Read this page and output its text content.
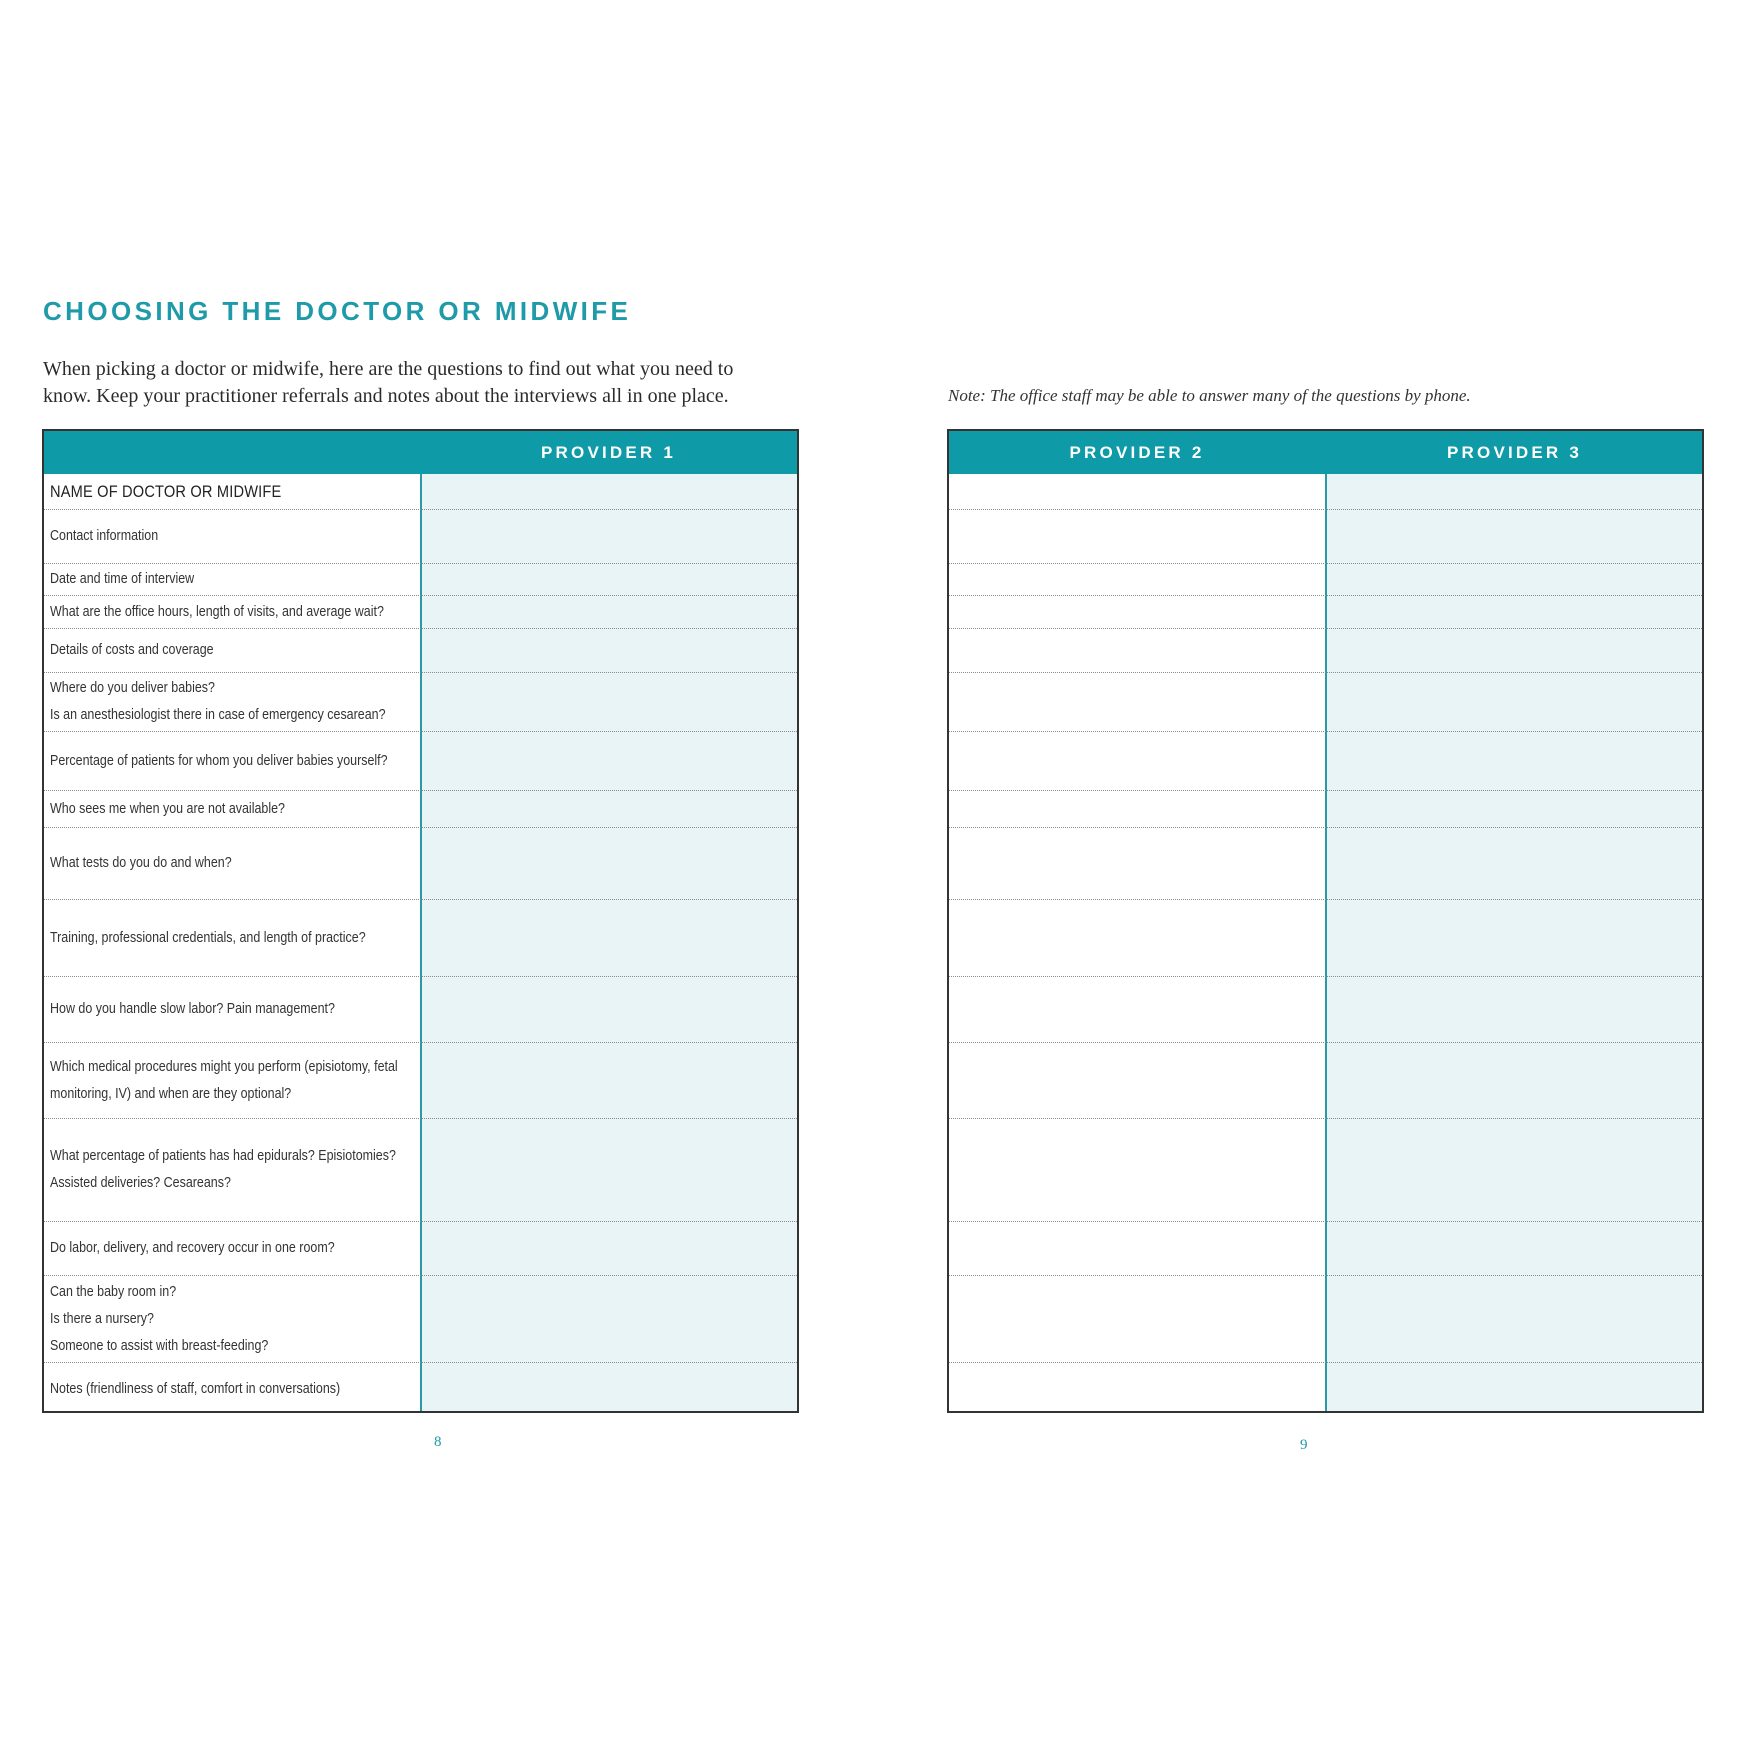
CHOOSING THE DOCTOR OR MIDWIFE
When picking a doctor or midwife, here are the questions to find out what you need to
know. Keep your practitioner referrals and notes about the interviews all in one place.	Note: The office staff may be able to answer many of the questions by phone.
PROVIDER 1
NAME OF DOCTOR OR MIDWIFE
Contact information
Date and time of interview
What are the office hours, length of visits, and average wait?
Details of costs and coverage
Where do you deliver babies?
Is an anesthesiologist there in case of emergency cesarean?
Percentage of patients for whom you deliver babies yourself?
Who sees me when you are not available?
What tests do you do and when?
Training, professional credentials, and length of practice?
How do you handle slow labor? Pain management?
Which medical procedures might you perform (episiotomy, fetal
monitoring, IV) and when are they optional?
What percentage of patients has had epidurals? Episiotomies?
Assisted deliveries? Cesareans?
Do labor, delivery, and recovery occur in one room?
Can the baby room in?
Is there a nursery?
Someone to assist with breast-feeding?
Notes (friendliness of staff, comfort in conversations)
PROVIDER 2	PROVIDER 3
8	9
